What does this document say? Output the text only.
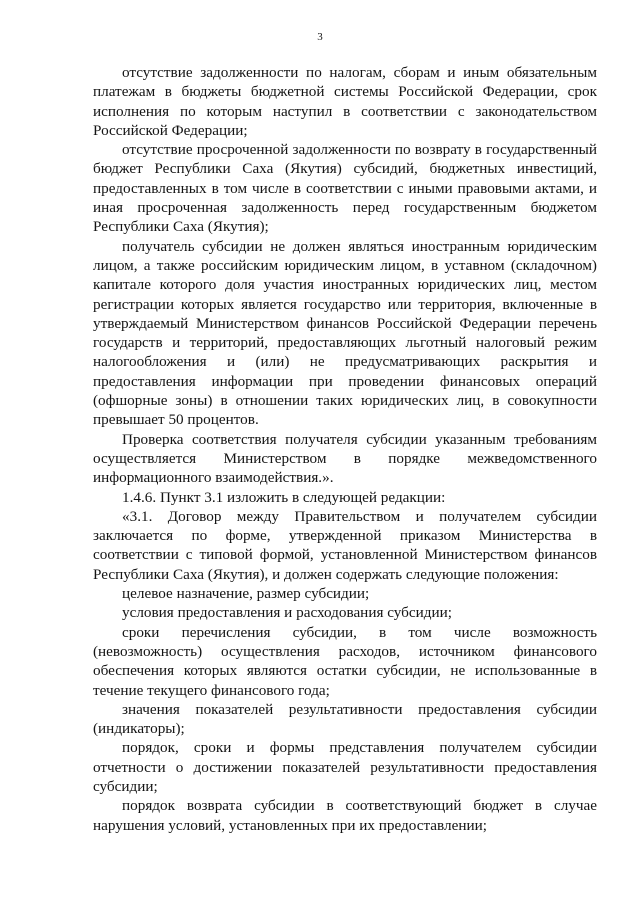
3

отсутствие задолженности по налогам, сборам и иным обязательным платежам в бюджеты бюджетной системы Российской Федерации, срок исполнения по которым наступил в соответствии с законодательством Российской Федерации;

отсутствие просроченной задолженности по возврату в государственный бюджет Республики Саха (Якутия) субсидий, бюджетных инвестиций, предоставленных в том числе в соответствии с иными правовыми актами, и иная просроченная задолженность перед государственным бюджетом Республики Саха (Якутия);

получатель субсидии не должен являться иностранным юридическим лицом, а также российским юридическим лицом, в уставном (складочном) капитале которого доля участия иностранных юридических лиц, местом регистрации которых является государство или территория, включенные в утверждаемый Министерством финансов Российской Федерации перечень государств и территорий, предоставляющих льготный налоговый режим налогообложения и (или) не предусматривающих раскрытия и предоставления информации при проведении финансовых операций (офшорные зоны) в отношении таких юридических лиц, в совокупности превышает 50 процентов.

Проверка соответствия получателя субсидии указанным требованиям осуществляется Министерством в порядке межведомственного информационного взаимодействия.».

1.4.6. Пункт 3.1 изложить в следующей редакции:

«3.1. Договор между Правительством и получателем субсидии заключается по форме, утвержденной приказом Министерства в соответствии с типовой формой, установленной Министерством финансов Республики Саха (Якутия), и должен содержать следующие положения:

целевое назначение, размер субсидии;

условия предоставления и расходования субсидии;

сроки перечисления субсидии, в том числе возможность (невозможность) осуществления расходов, источником финансового обеспечения которых являются остатки субсидии, не использованные в течение текущего финансового года;

значения показателей результативности предоставления субсидии (индикаторы);

порядок, сроки и формы представления получателем субсидии отчетности о достижении показателей результативности предоставления субсидии;

порядок возврата субсидии в соответствующий бюджет в случае нарушения условий, установленных при их предоставлении;
